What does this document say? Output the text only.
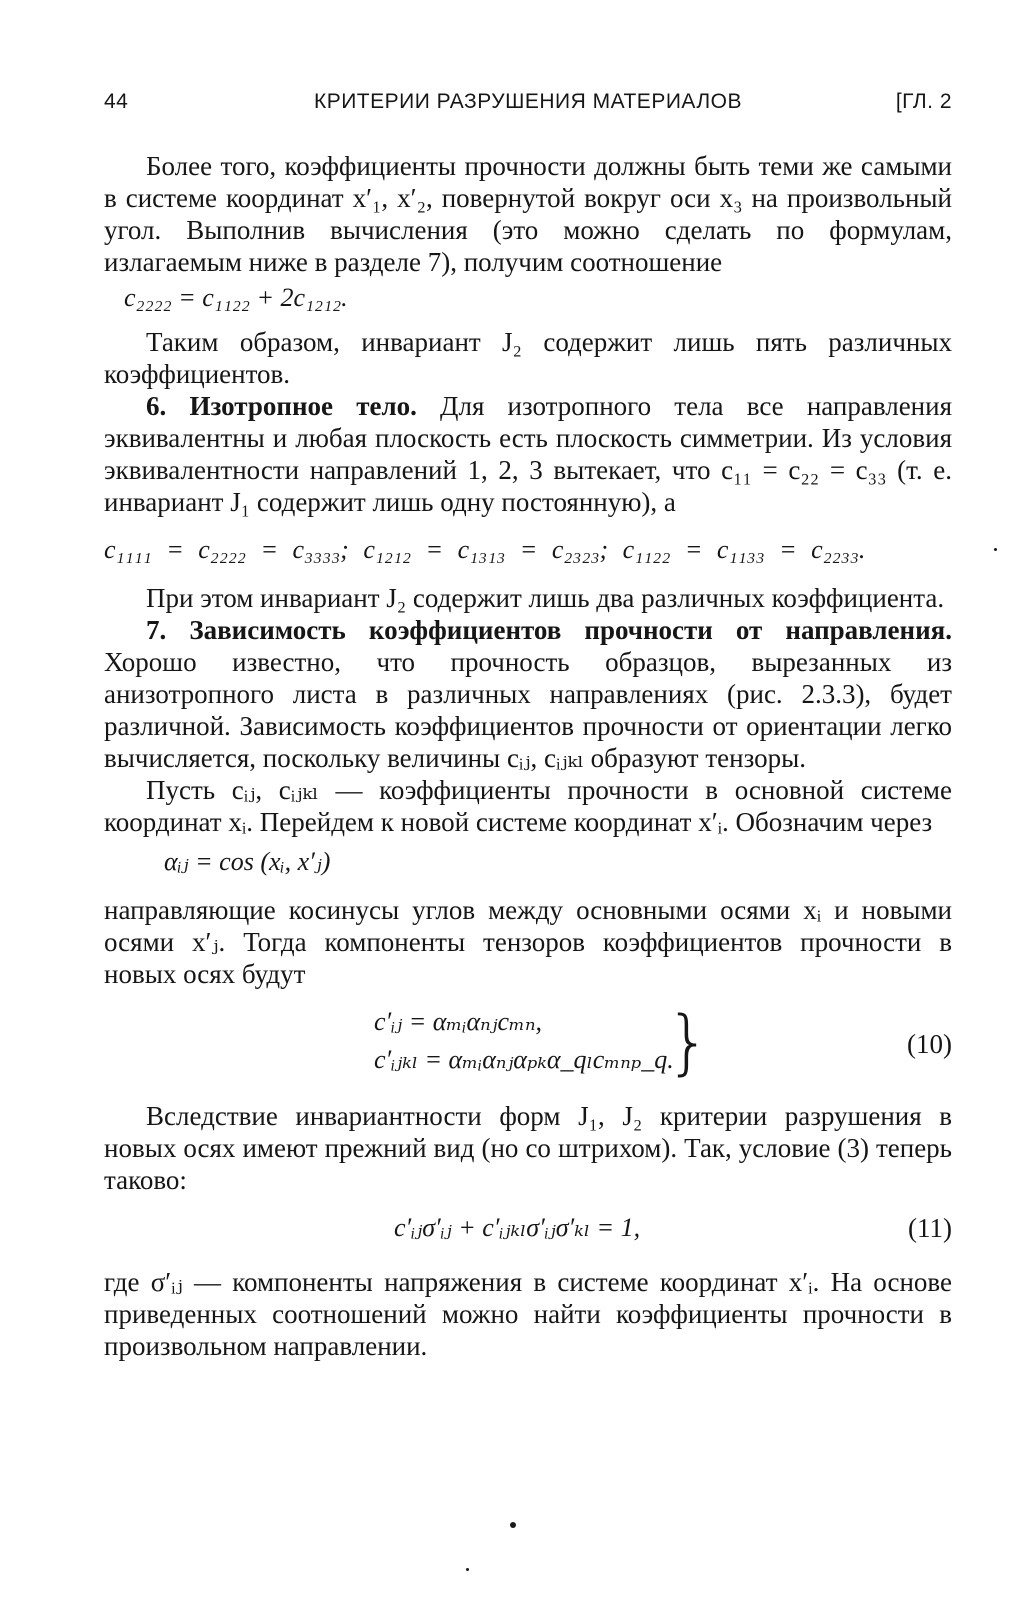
44	КРИТЕРИИ РАЗРУШЕНИЯ МАТЕРИАЛОВ	[ГЛ. 2

Более того, коэффициенты прочности должны быть теми же самыми в системе координат x′₁, x′₂, повернутой вокруг оси x₃ на произвольный угол. Выполнив вычисления (это можно сделать по формулам, излагаемым ниже в разделе 7), получим соотношение

c₂₂₂₂ = c₁₁₂₂ + 2c₁₂₁₂.

Таким образом, инвариант J₂ содержит лишь пять различных коэффициентов.

6. Изотропное тело. Для изотропного тела все направления эквивалентны и любая плоскость есть плоскость симметрии. Из условия эквивалентности направлений 1, 2, 3 вытекает, что c₁₁ = c₂₂ = c₃₃ (т. е. инвариант J₁ содержит лишь одну постоянную), а

c₁₁₁₁ = c₂₂₂₂ = c₃₃₃₃; c₁₂₁₂ = c₁₃₁₃ = c₂₃₂₃; c₁₁₂₂ = c₁₁₃₃ = c₂₂₃₃.

При этом инвариант J₂ содержит лишь два различных коэффициента.

7. Зависимость коэффициентов прочности от направления. Хорошо известно, что прочность образцов, вырезанных из анизотропного листа в различных направлениях (рис. 2.3.3), будет различной. Зависимость коэффициентов прочности от ориентации легко вычисляется, поскольку величины cᵢⱼ, cᵢⱼₖₗ образуют тензоры.

Пусть cᵢⱼ, cᵢⱼₖₗ — коэффициенты прочности в основной системе координат xᵢ. Перейдем к новой системе координат x′ᵢ. Обозначим через

αᵢⱼ = cos (xᵢ, x′ⱼ)

направляющие косинусы углов между основными осями xᵢ и новыми осями x′ⱼ. Тогда компоненты тензоров коэффициентов прочности в новых осях будут

c′ᵢⱼ = αₘᵢαₙⱼcₘₙ,
c′ᵢⱼₖₗ = αₘᵢαₙⱼαₚₖα_qₗcₘₙₚ_q.
}	(10)

Вследствие инвариантности форм J₁, J₂ критерии разрушения в новых осях имеют прежний вид (но со штрихом). Так, условие (3) теперь таково:

c′ᵢⱼσ′ᵢⱼ + c′ᵢⱼₖₗσ′ᵢⱼσ′ₖₗ = 1,	(11)

где σ′ᵢⱼ — компоненты напряжения в системе координат x′ᵢ. На основе приведенных соотношений можно найти коэффициенты прочности в произвольном направлении.
